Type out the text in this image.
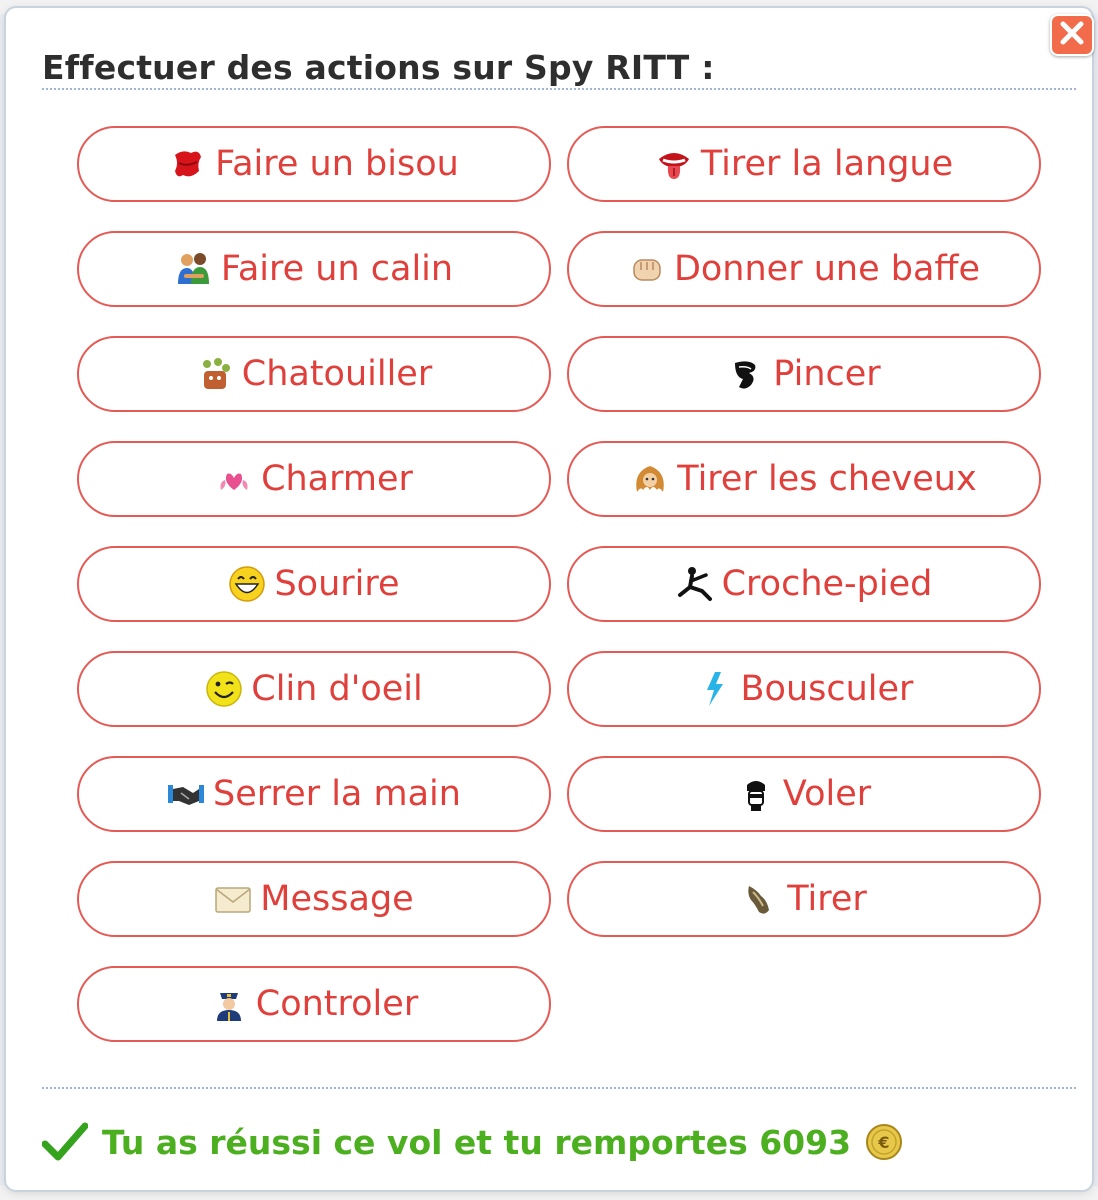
Effectuer des actions sur Spy RITT :
Faire un bisou	Tirer la langue
Faire un calin	Donner une baffe
Chatouiller	Pincer
Charmer	Tirer les cheveux
Sourire	Croche-pied
Clin d'oeil	Bousculer
Serrer la main	Voler
Message	Tirer
Controler
Tu as réussi ce vol et tu remportes 6093 €
